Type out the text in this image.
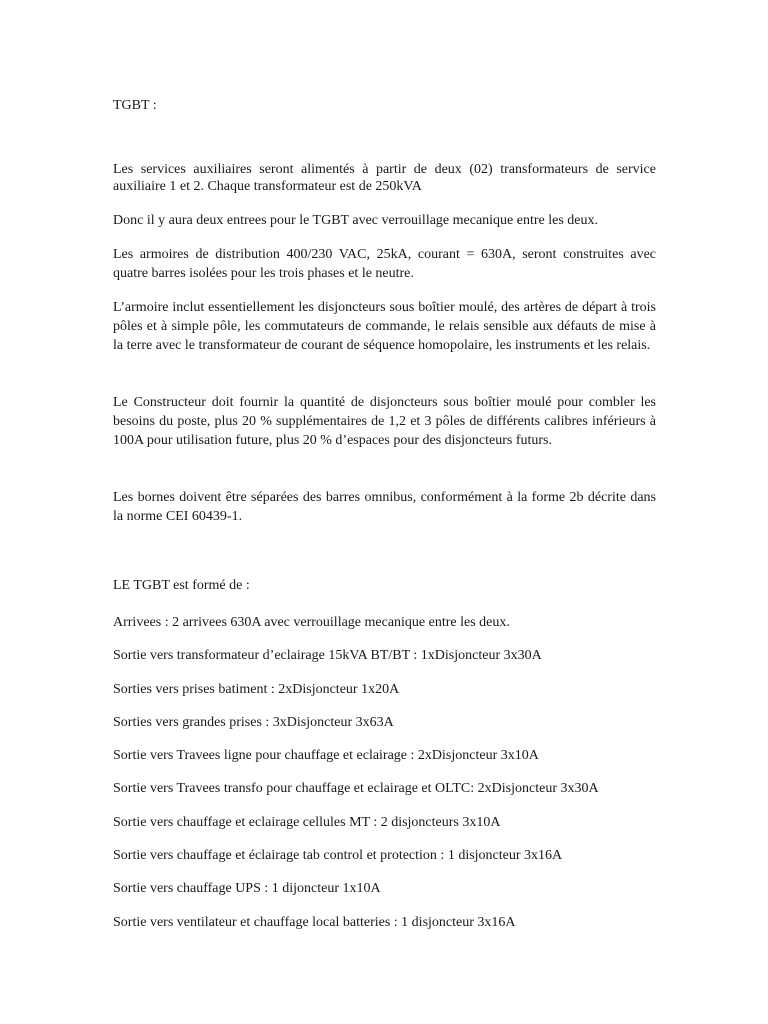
TGBT :

Les services auxiliaires seront alimentés à partir de deux (02) transformateurs de service auxiliaire 1 et 2. Chaque transformateur est de 250kVA

Donc il y aura deux entrees pour le TGBT avec verrouillage mecanique entre les deux.

Les armoires de distribution 400/230 VAC, 25kA, courant = 630A, seront construites avec quatre barres isolées pour les trois phases et le neutre.

L’armoire inclut essentiellement les disjoncteurs sous boîtier moulé, des artères de départ à trois pôles et à simple pôle, les commutateurs de commande, le relais sensible aux défauts de mise à la terre avec le transformateur de courant de séquence homopolaire, les instruments et les relais.

Le Constructeur doit fournir la quantité de disjoncteurs sous boîtier moulé pour combler les besoins du poste, plus 20 % supplémentaires de 1,2 et 3 pôles de différents calibres inférieurs à 100A pour utilisation future, plus 20 % d’espaces pour des disjoncteurs futurs.

Les bornes doivent être séparées des barres omnibus, conformément à la forme 2b décrite dans la norme CEI 60439-1.

LE TGBT est formé de :

Arrivees : 2 arrivees 630A avec verrouillage mecanique entre les deux.
Sortie vers transformateur d’eclairage 15kVA BT/BT : 1xDisjoncteur 3x30A
Sorties vers prises batiment : 2xDisjoncteur 1x20A
Sorties vers grandes prises : 3xDisjoncteur 3x63A
Sortie vers Travees ligne pour chauffage et eclairage : 2xDisjoncteur 3x10A
Sortie vers Travees transfo pour chauffage et eclairage et OLTC: 2xDisjoncteur 3x30A
Sortie vers chauffage et eclairage cellules MT : 2 disjoncteurs 3x10A
Sortie vers chauffage et éclairage tab control et protection : 1 disjoncteur 3x16A
Sortie vers chauffage UPS : 1 dijoncteur 1x10A
Sortie vers ventilateur et chauffage local batteries : 1 disjoncteur 3x16A
